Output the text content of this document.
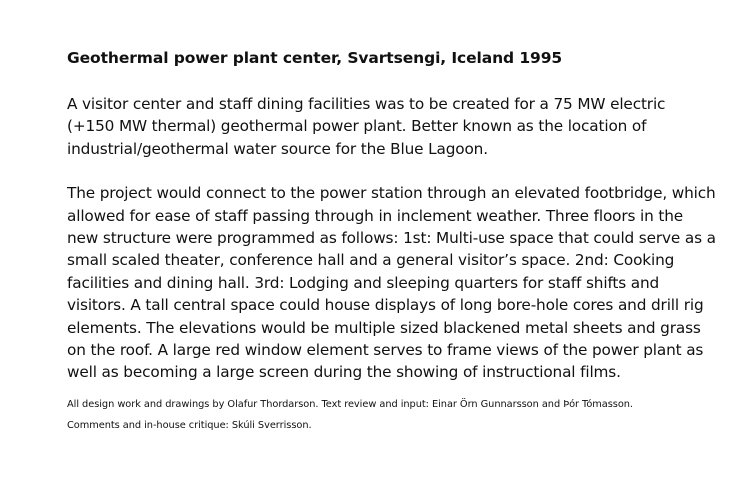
Geothermal power plant center, Svartsengi, Iceland 1995

A visitor center and staff dining facilities was to be created for a 75 MW electric (+150 MW thermal) geothermal power plant. Better known as the location of industrial/geothermal water source for the Blue Lagoon.

The project would connect to the power station through an elevated footbridge, which allowed for ease of staff passing through in inclement weather. Three floors in the new structure were programmed as follows: 1st: Multi-use space that could serve as a small scaled theater, conference hall and a general visitor’s space. 2nd: Cooking facilities and dining hall. 3rd: Lodging and sleeping quarters for staff shifts and visitors. A tall central space could house displays of long bore-hole cores and drill rig elements. The elevations would be multiple sized blackened metal sheets and grass on the roof. A large red window element serves to frame views of the power plant as well as becoming a large screen during the showing of instructional films.

All design work and drawings by Olafur Thordarson. Text review and input: Einar Örn Gunnarsson and Þór Tómasson.

Comments and in-house critique: Skúli Sverrisson.
